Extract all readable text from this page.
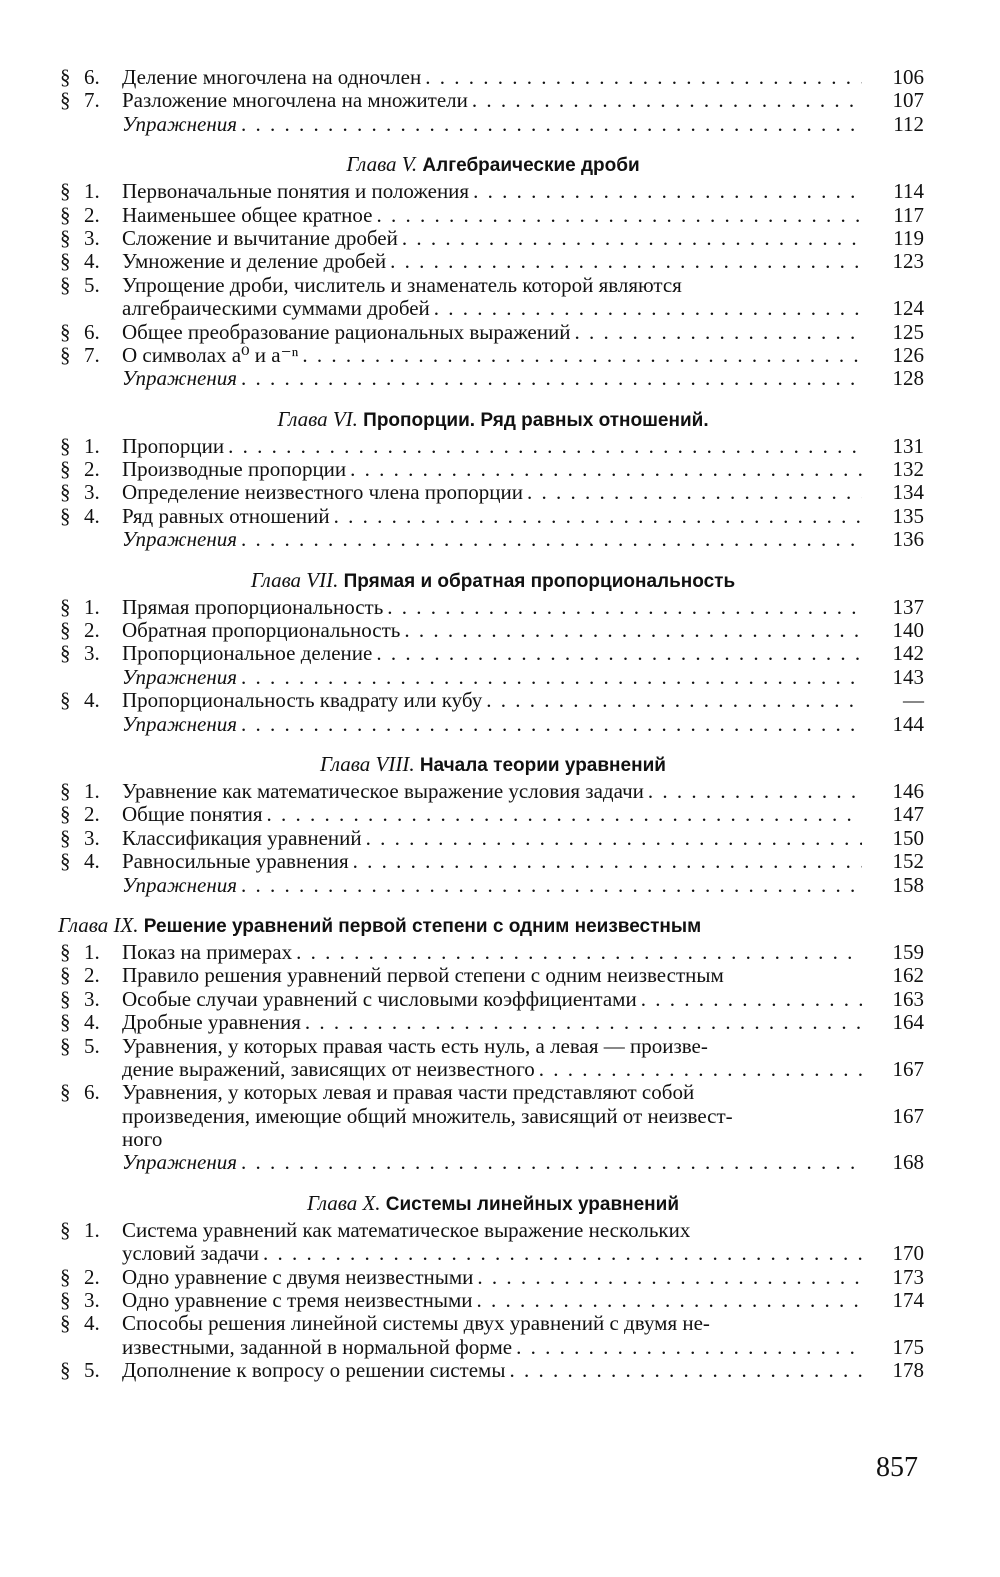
§ 6.	Деление многочлена на одночлен . . .	106
§ 7.	Разложение многочлена на множители . . .	107
Упражнения . . .	112
Глава V. Алгебраические дроби
§ 1.	Первоначальные понятия и положения . . .	114
§ 2.	Наименьшее общее кратное . . .	117
§ 3.	Сложение и вычитание дробей . . .	119
§ 4.	Умножение и деление дробей . . .	123
§ 5.	Упрощение дроби, числитель и знаменатель которой являются
алгебраическими суммами дробей . . .	124
§ 6.	Общее преобразование рациональных выражений . . .	125
§ 7.	О символах a⁰ и a⁻ⁿ . . .	126
Упражнения . . .	128
Глава VI. Пропорции. Ряд равных отношений.
§ 1.	Пропорции . . .	131
§ 2.	Производные пропорции . . .	132
§ 3.	Определение неизвестного члена пропорции . . .	134
§ 4.	Ряд равных отношений . . .	135
Упражнения . . .	136
Глава VII. Прямая и обратная пропорциональность
§ 1.	Прямая пропорциональность . . .	137
§ 2.	Обратная пропорциональность . . .	140
§ 3.	Пропорциональное деление . . .	142
Упражнения . . .	143
§ 4.	Пропорциональность квадрату или кубу . . .	—
Упражнения . . .	144
Глава VIII. Начала теории уравнений
§ 1.	Уравнение как математическое выражение условия задачи . . .	146
§ 2.	Общие понятия . . .	147
§ 3.	Классификация уравнений . . .	150
§ 4.	Равносильные уравнения . . .	152
Упражнения . . .	158
Глава IX. Решение уравнений первой степени с одним неизвестным
§ 1.	Показ на примерах . . .	159
§ 2.	Правило решения уравнений первой степени с одним неизвестным	162
§ 3.	Особые случаи уравнений с числовыми коэффициентами . . .	163
§ 4.	Дробные уравнения . . .	164
§ 5.	Уравнения, у которых правая часть есть нуль, а левая — произве-
дение выражений, зависящих от неизвестного . . .	167
§ 6.	Уравнения, у которых левая и правая части представляют собой
произведения, имеющие общий множитель, зависящий от неизвест-	167
ного
Упражнения . . .	168
Глава X. Системы линейных уравнений
§ 1.	Система уравнений как математическое выражение нескольких
условий задачи . . .	170
§ 2.	Одно уравнение с двумя неизвестными . . .	173
§ 3.	Одно уравнение с тремя неизвестными . . .	174
§ 4.	Способы решения линейной системы двух уравнений с двумя не-
известными, заданной в нормальной форме . . .	175
§ 5.	Дополнение к вопросу о решении системы . . .	178
857
